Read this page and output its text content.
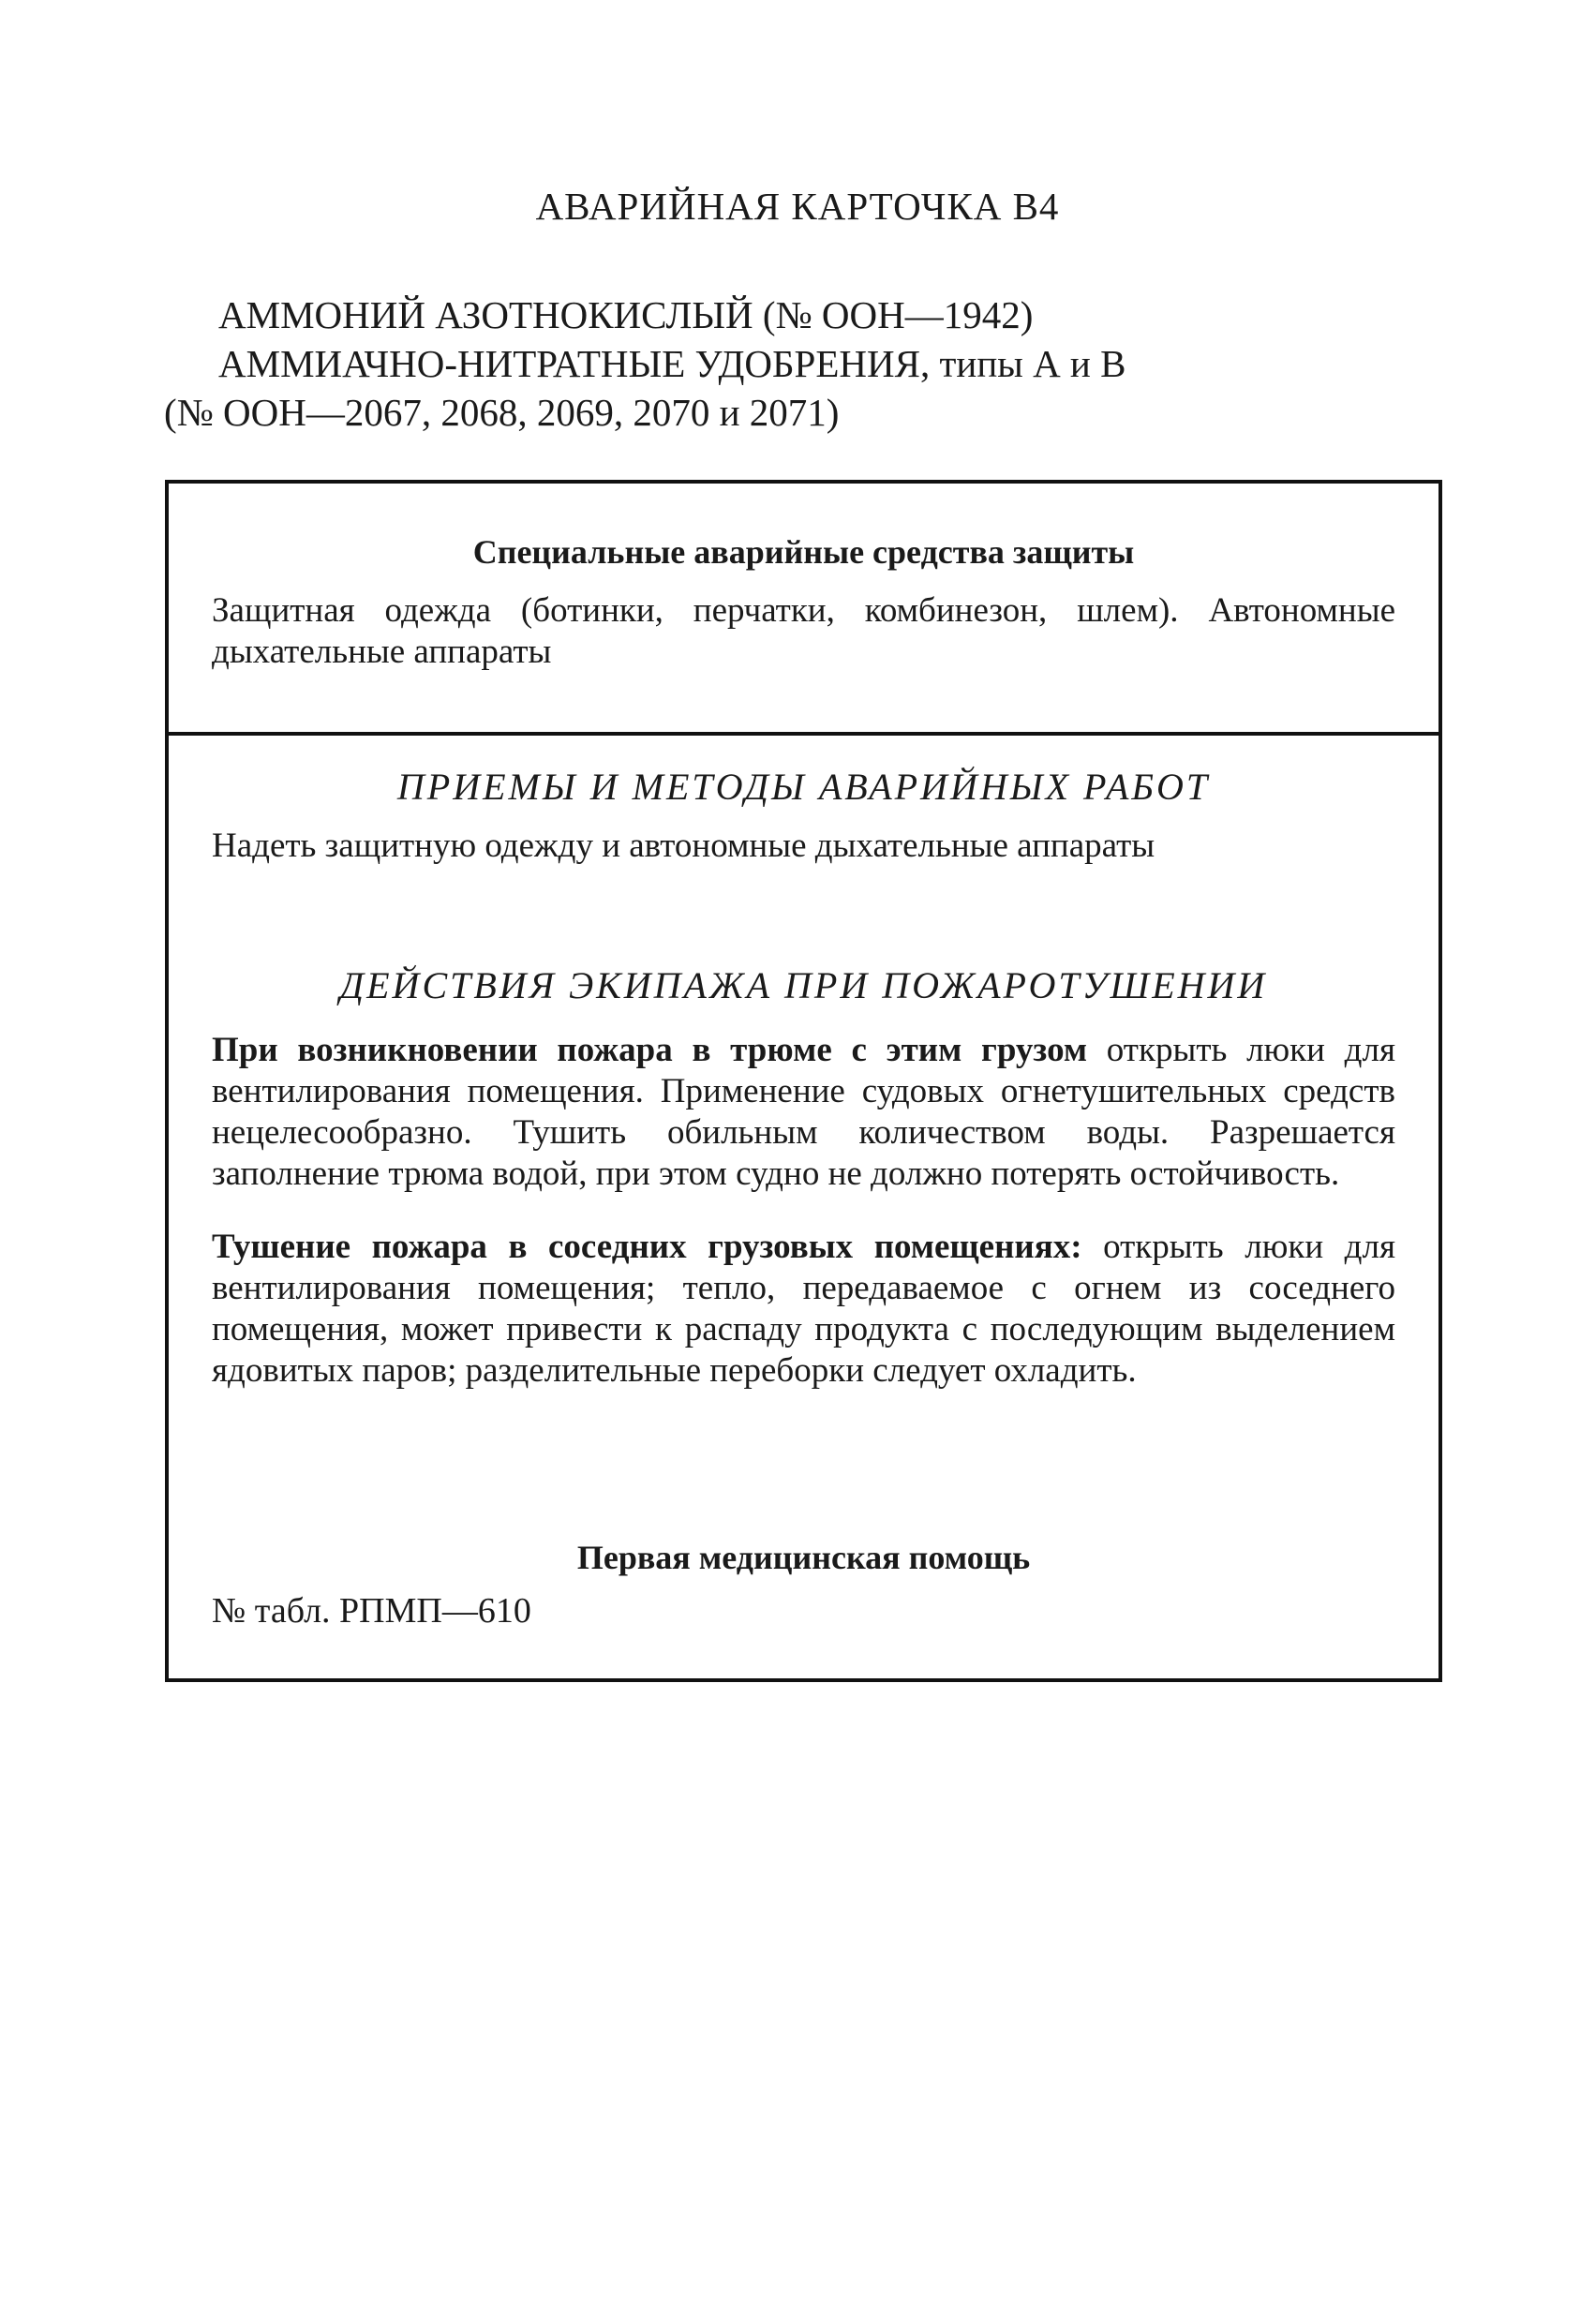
АВАРИЙНАЯ КАРТОЧКА В4
АММОНИЙ АЗОТНОКИСЛЫЙ (№ ООН—1942)
АММИАЧНО-НИТРАТНЫЕ УДОБРЕНИЯ, типы А и В
(№ ООН—2067, 2068, 2069, 2070 и 2071)
Специальные аварийные средства защиты

Защитная одежда (ботинки, перчатки, комбинезон, шлем). Автономные дыхательные аппараты

ПРИЕМЫ И МЕТОДЫ АВАРИЙНЫХ РАБОТ

Надеть защитную одежду и автономные дыхательные аппараты

ДЕЙСТВИЯ ЭКИПАЖА ПРИ ПОЖАРОТУШЕНИИ

При возникновении пожара в трюме с этим грузом открыть люки для вентилирования помещения. Применение судовых огнетушительных средств нецелесообразно. Тушить обильным количеством воды. Разрешается заполнение трюма водой, при этом судно не должно потерять остойчивость.

Тушение пожара в соседних грузовых помещениях: открыть люки для вентилирования помещения; тепло, передаваемое с огнем из соседнего помещения, может привести к распаду продукта с последующим выделением ядовитых паров; разделительные переборки следует охладить.

Первая медицинская помощь
№ табл. РПМП—610
